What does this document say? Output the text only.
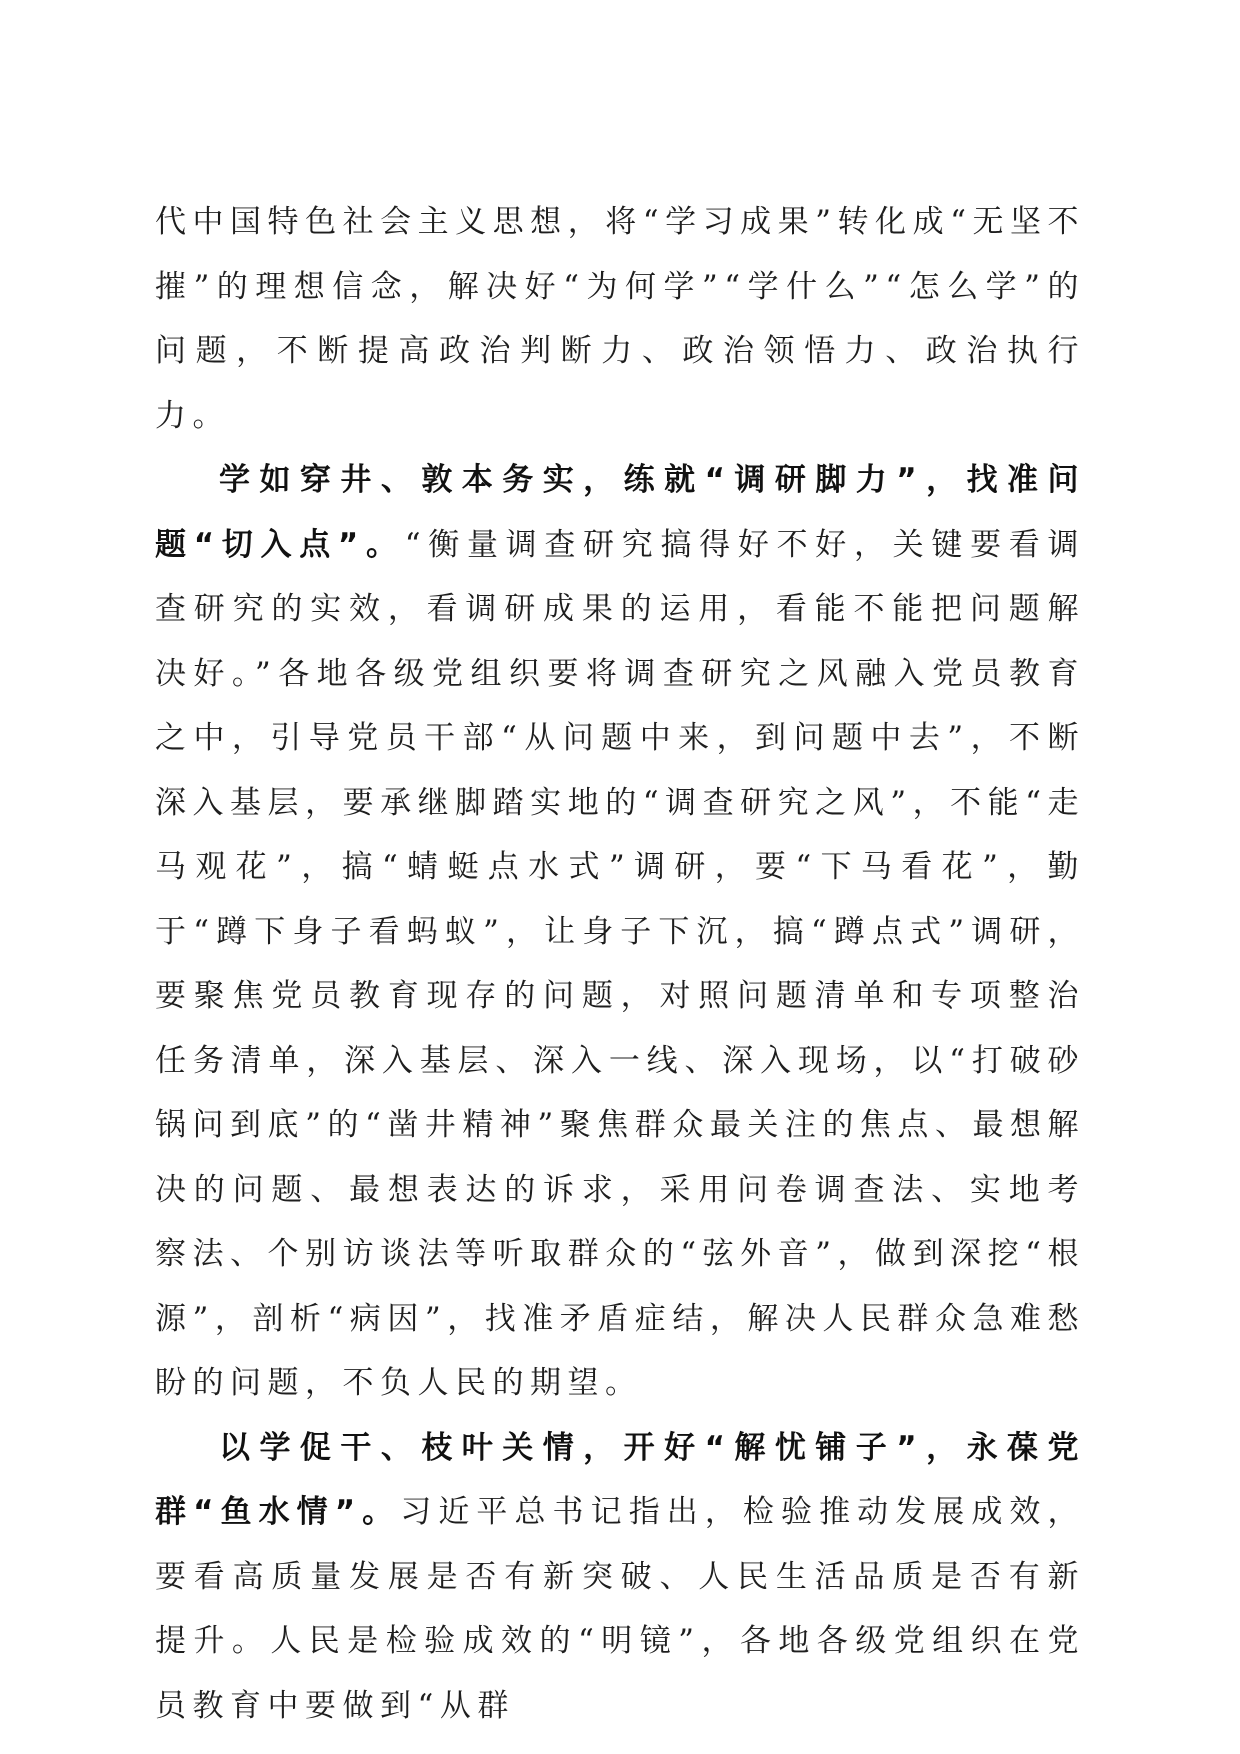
代中国特色社会主义思想，将“学习成果”转化成“无坚不摧”的理想信念，解决好“为何学”“学什么”“怎么学”的问题，不断提高政治判断力、政治领悟力、政治执行力。

学如穿井、敦本务实，练就“调研脚力”，找准问题“切入点”。“衡量调查研究搞得好不好，关键要看调查研究的实效，看调研成果的运用，看能不能把问题解决好。”各地各级党组织要将调查研究之风融入党员教育之中，引导党员干部“从问题中来，到问题中去”，不断深入基层，要承继脚踏实地的“调查研究之风”，不能“走马观花”，搞“蜻蜓点水式”调研，要“下马看花”，勤于“蹲下身子看蚂蚁”，让身子下沉，搞“蹲点式”调研，要聚焦党员教育现存的问题，对照问题清单和专项整治任务清单，深入基层、深入一线、深入现场，以“打破砂锅问到底”的“凿井精神”聚焦群众最关注的焦点、最想解决的问题、最想表达的诉求，采用问卷调查法、实地考察法、个别访谈法等听取群众的“弦外音”，做到深挖“根源”，剖析“病因”，找准矛盾症结，解决人民群众急难愁盼的问题，不负人民的期望。

以学促干、枝叶关情，开好“解忧铺子”，永葆党群“鱼水情”。习近平总书记指出，检验推动发展成效，要看高质量发展是否有新突破、人民生活品质是否有新提升。人民是检验成效的“明镜”，各地各级党组织在党员教育中要做到“从群
